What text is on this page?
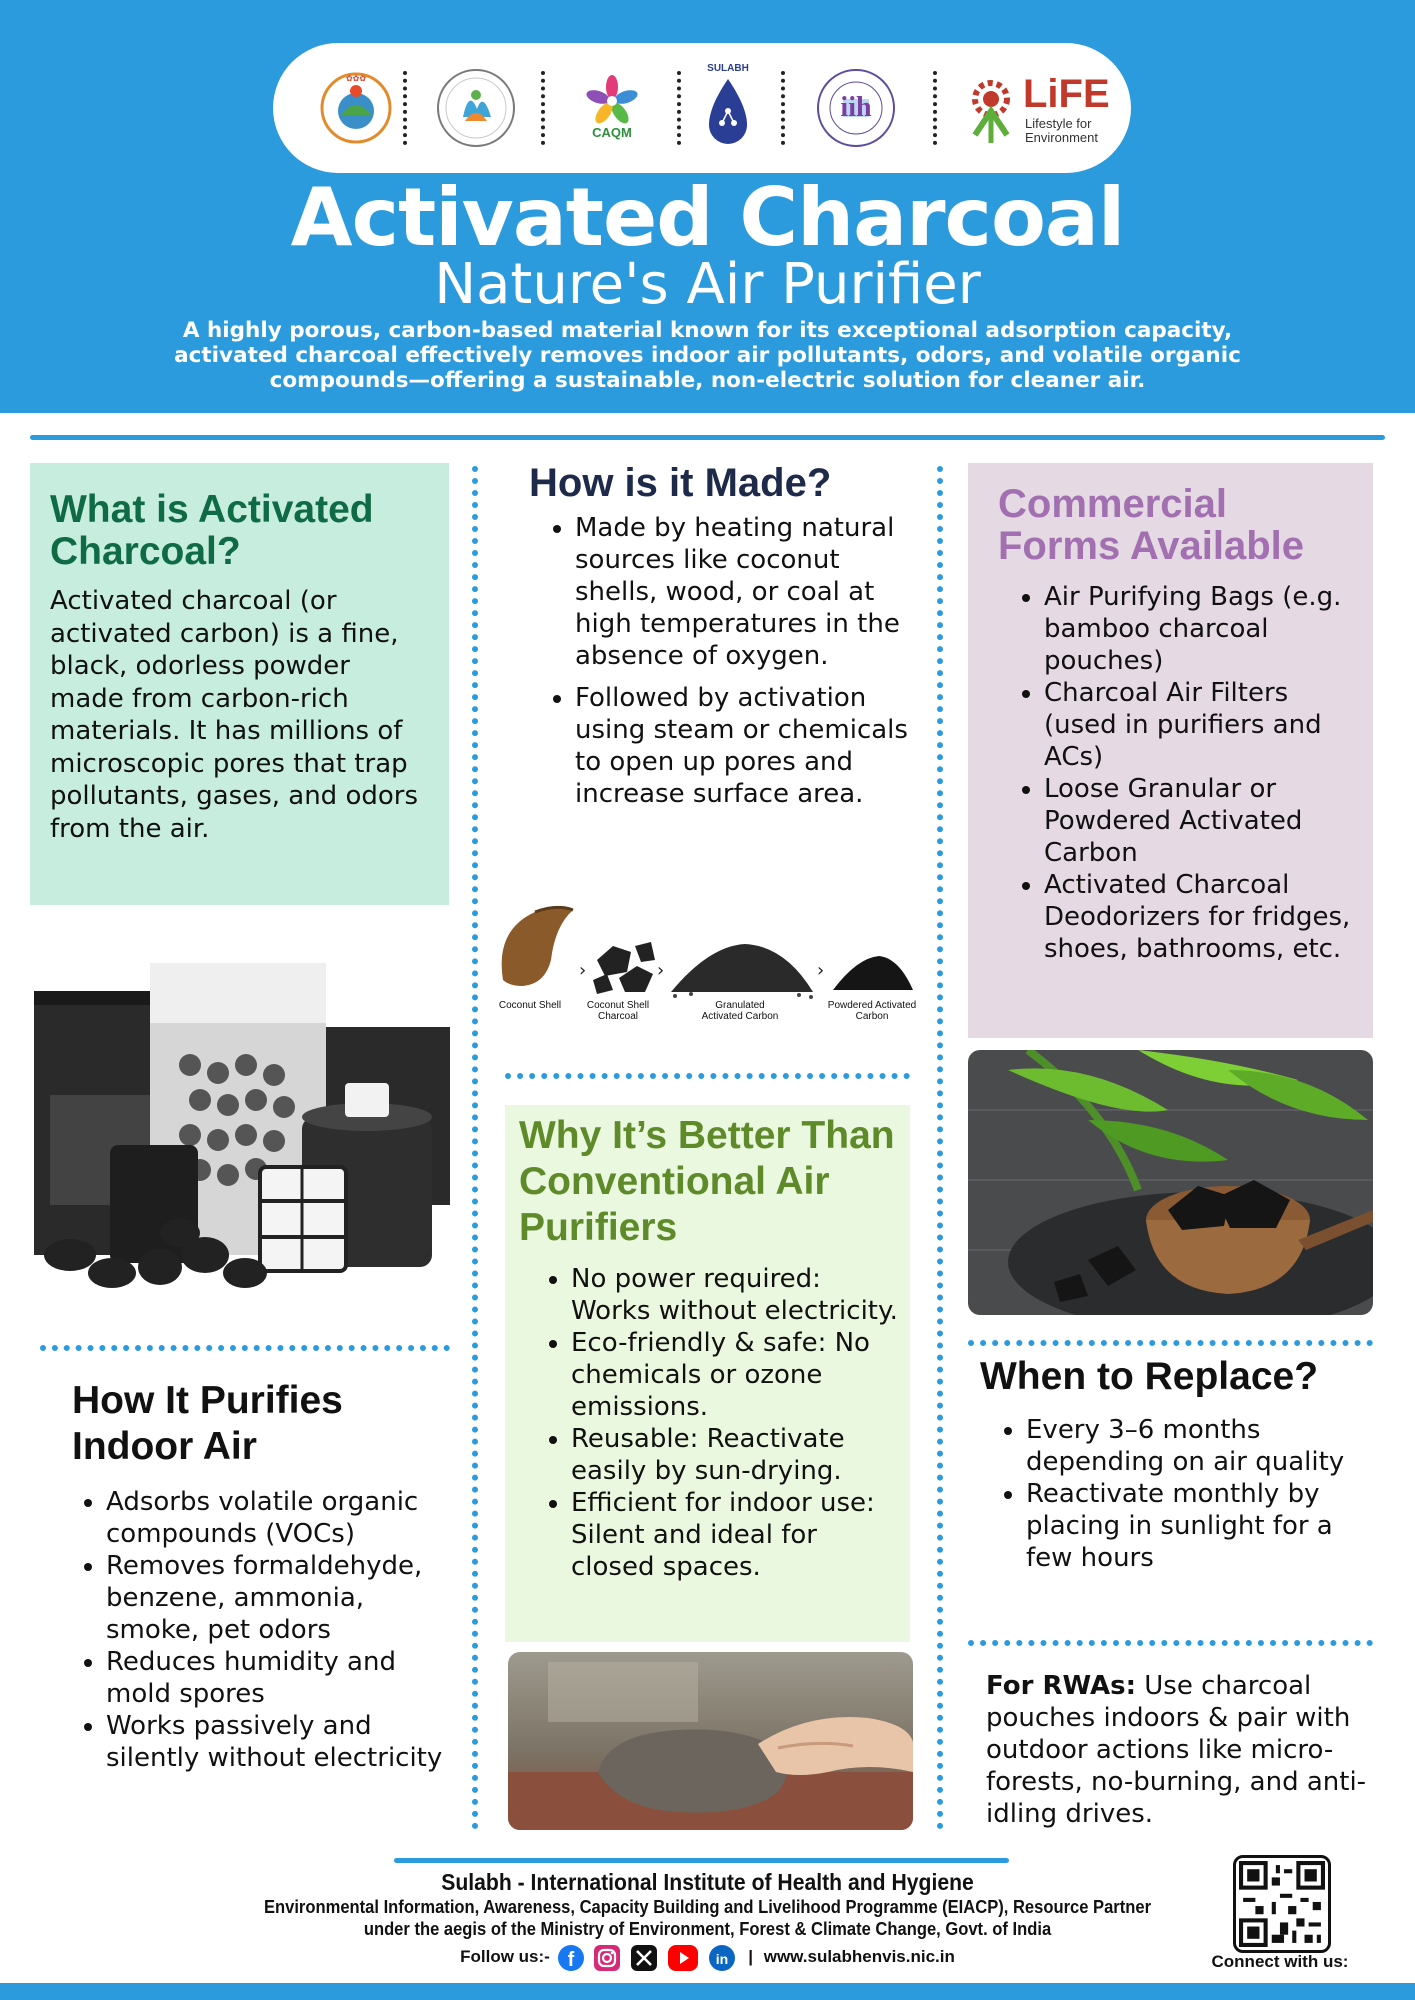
✿✿✿
CAQM
SULABH
iih	LiFE
Lifestyle for Environment
Activated Charcoal
Nature's Air Purifier
A highly porous, carbon-based material known for its exceptional adsorption capacity, activated charcoal effectively removes indoor air pollutants, odors, and volatile organic compounds—offering a sustainable, non-electric solution for cleaner air.
What is Activated Charcoal?
Activated charcoal (or activated carbon) is a fine, black, odorless powder made from carbon-rich materials. It has millions of microscopic pores that trap pollutants, gases, and odors from the air.
How It Purifies Indoor Air
• Adsorbs volatile organic compounds (VOCs)
• Removes formaldehyde, benzene, ammonia, smoke, pet odors
• Reduces humidity and mold spores
• Works passively and silently without electricity
How is it Made?
• Made by heating natural sources like coconut shells, wood, or coal at high temperatures in the absence of oxygen.
• Followed by activation using steam or chemicals to open up pores and increase surface area.
›	›	›
Coconut Shell	Coconut Shell Charcoal
Granulated Activated Carbon
Powdered Activated Carbon
Why It’s Better Than Conventional Air Purifiers
• No power required: Works without electricity.
• Eco-friendly & safe: No chemicals or ozone emissions.
• Reusable: Reactivate easily by sun-drying.
• Efficient for indoor use: Silent and ideal for closed spaces.
Commercial Forms Available
• Air Purifying Bags (e.g. bamboo charcoal pouches)
• Charcoal Air Filters (used in purifiers and ACs)
• Loose Granular or Powdered Activated Carbon
• Activated Charcoal Deodorizers for fridges, shoes, bathrooms, etc.
When to Replace?
• Every 3–6 months depending on air quality
• Reactivate monthly by placing in sunlight for a few hours
For RWAs: Use charcoal pouches indoors & pair with outdoor actions like micro-forests, no-burning, and anti-idling drives.
Sulabh - International Institute of Health and Hygiene
Environmental Information, Awareness, Capacity Building and Livelihood Programme (EIACP), Resource Partner
under the aegis of the Ministry of Environment, Forest & Climate Change, Govt. of India
Follow us:- f
	in | www.sulabhenvis.nic.in	Connect with us:
